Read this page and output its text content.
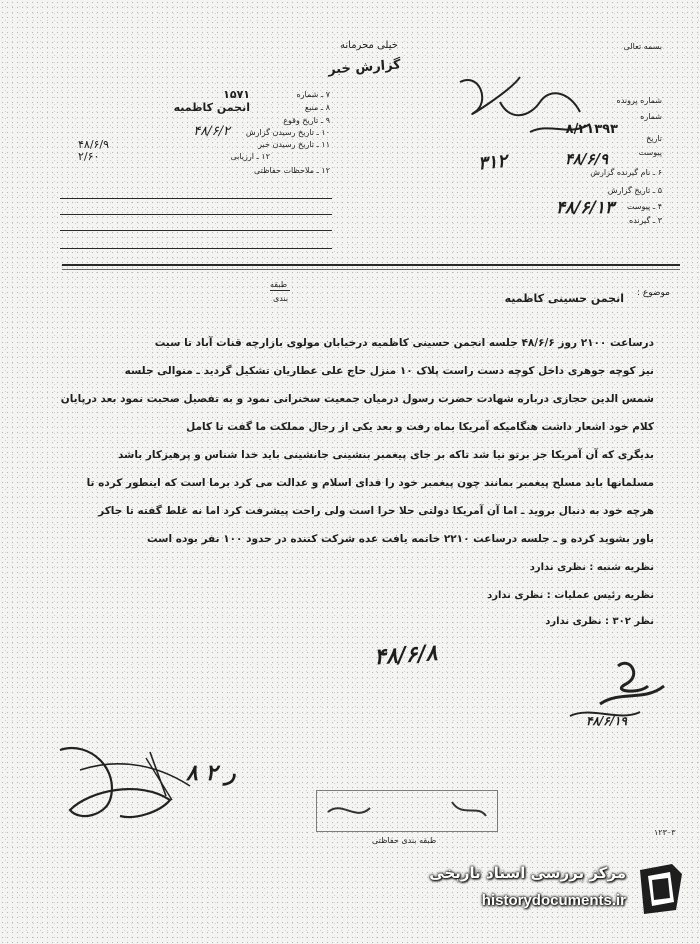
خیلی محرمانه
گزارش خبر
۷ ـ شماره
۱۵۷۱
۸ ـ منبع
انجمن کاظمیه
۹ ـ تاریخ وقوع
۱۰ ـ تاریخ رسیدن گزارش
۴۸/۶/۲
۱۱ ـ تاریخ رسیدن خبر
۴۸/۶/۹
۱۲ ـ ارزیابی
۲/۶۰
۱۲ ـ ملاحظات حفاظتی
بسمه تعالی
شماره پرونده
شماره
۸/۲۱۳۹۳
تاریخ
۴۸/۶/۹	پیوست
۶ ـ نام گیرنده گزارش
۵ ـ تاریخ گزارش
۴۸/۶/۱۳ ۴ ـ پیوست
۳ ـ گیرنده
۳۱۲
موضوع :
انجمن حسینی کاظمیه
طبقه
بندی
درساعت ۲۱۰۰ روز ۴۸/۶/۶ جلسه انجمن حسینی کاظمیه درخیابان مولوی بازارچه قنات آباد تا سیت
نیز کوچه جوهری داخل کوچه دست راست پلاک ۱۰ منزل حاج علی عطاریان تشکیل گردید ـ منوالی جلسه
شمس الدین حجازی درباره شهادت حضرت رسول درمیان جمعیت سخنرانی نمود و به تفصیل صحبت نمود بعد درپایان
کلام خود اشعار داشت هنگامیکه آمریکا بماه رفت و بعد یکی از رجال مملکت ما گفت تا کامل
بدیگری که آن آمریکا جز برتو نیا شد تاکه بر جای پیغمبر بنشینی جانشینی باید خدا شناس و پرهیزکار باشد
مسلمانها باید مسلح پیغمبر بمانند چون پیغمبر خود را فدای اسلام و عدالت می کرد برما است که اینطور کرده تا
هرچه خود به دنبال بروید ـ اما آن آمریکا دولتی حلا حرا است ولی راحت پیشرفت کرد اما نه غلط گفته تا جاکر
باور بشوید کرده و ـ جلسه درساعت ۲۲۱۰ خاتمه یافت عده شرکت کننده در حدود ۱۰۰ نفر بوده است
نظریه شنبه : نظری ندارد
نظریه رئیس عملیات : نظری ندارد
نظر ۳۰۲ : نظری ندارد
۴۸/۶/۸
۴۸/۶/۱۹
ر ۲ ۸
طبقه بندی حفاظتی
۱۲۳۰۳
مرکز بررسی اسناد تاریخی
historydocuments.ir
